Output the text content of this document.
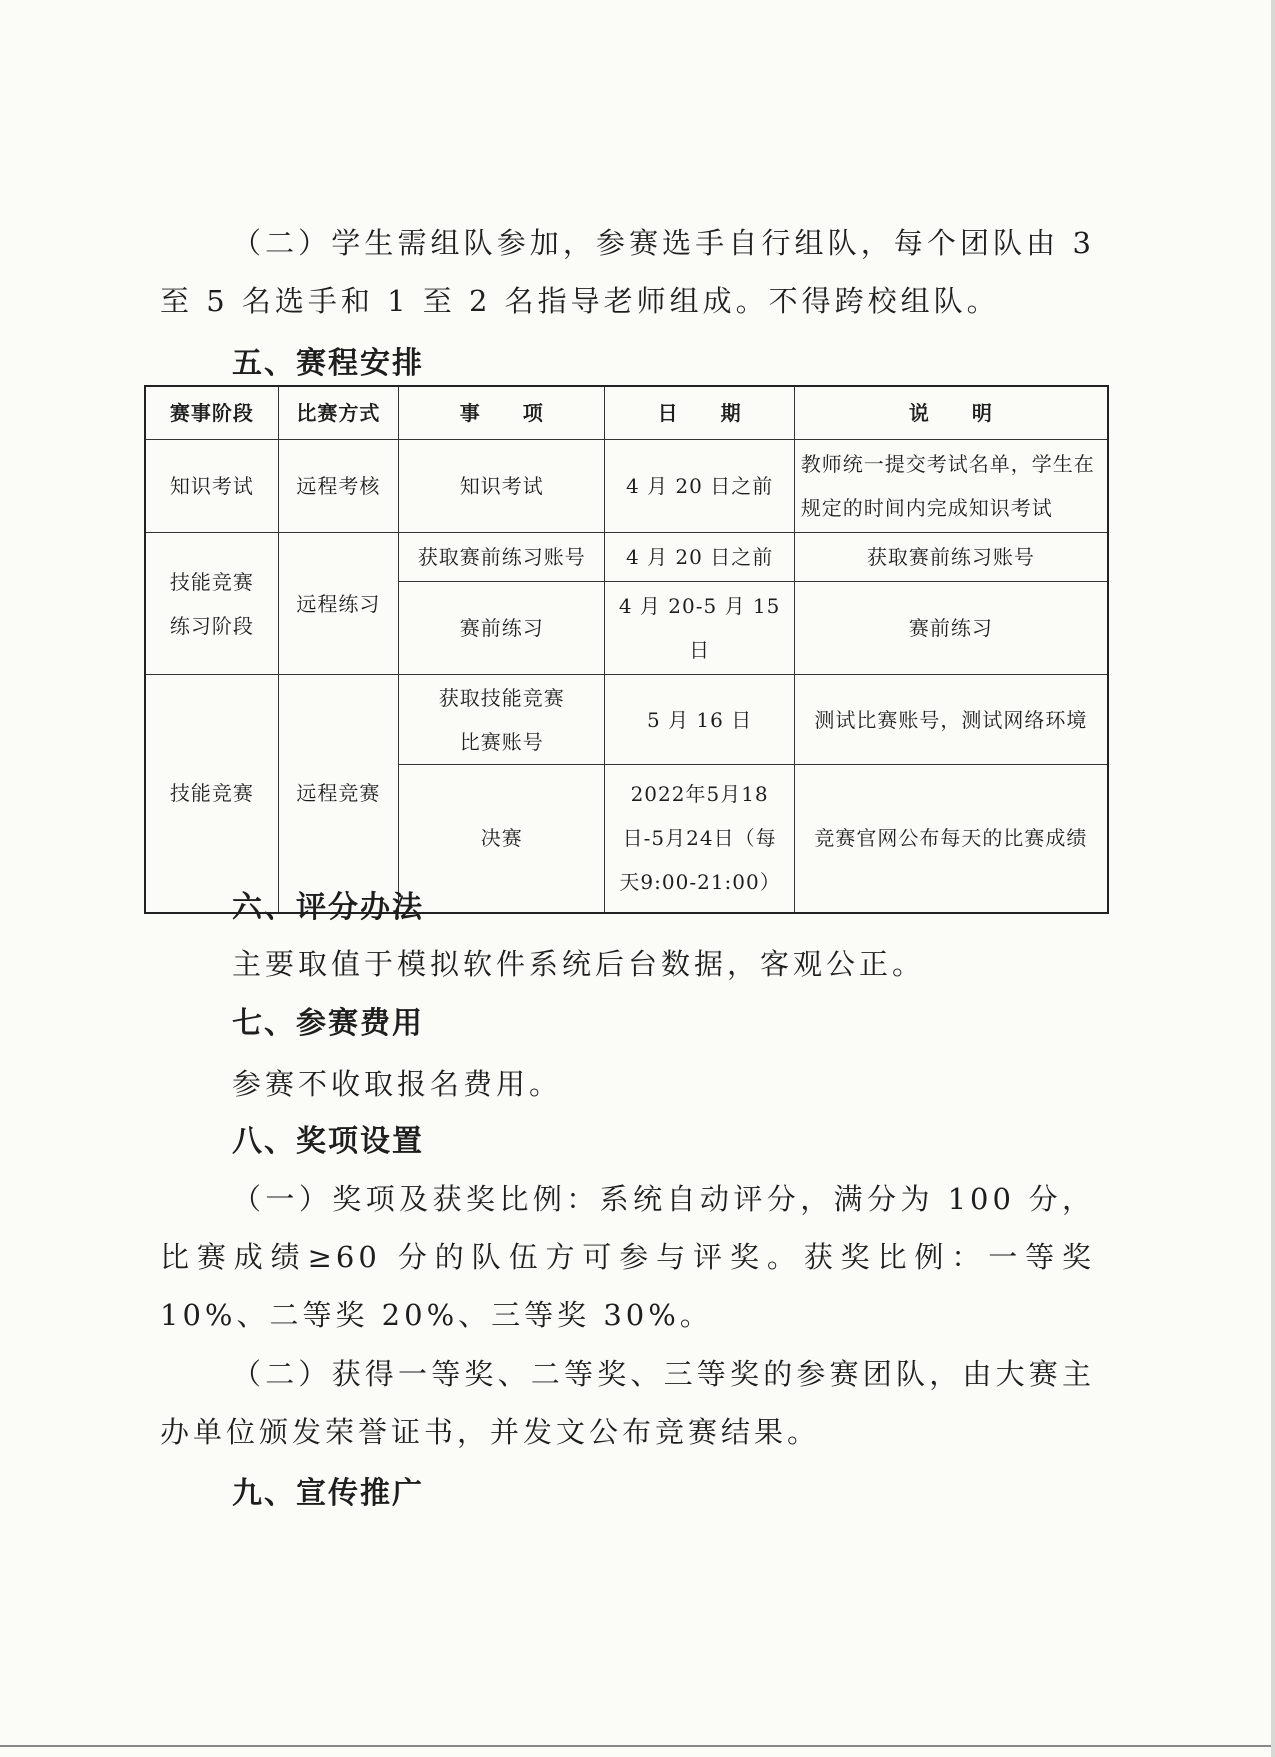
（二）学生需组队参加，参赛选手自行组队，每个团队由 3 至 5 名选手和 1 至 2 名指导老师组成。不得跨校组队。

五、赛程安排
赛事阶段	比赛方式	事　　项	日　　期	说　　明
知识考试	远程考核	知识考试	4 月 20 日之前	教师统一提交考试名单，学生在规定的时间内完成知识考试
技能竞赛练习阶段	远程练习	获取赛前练习账号	4 月 20 日之前	获取赛前练习账号
		赛前练习	4 月 20-5 月 15 日	赛前练习
技能竞赛	远程竞赛	获取技能竞赛比赛账号	5 月 16 日	测试比赛账号，测试网络环境
		决赛	2022年5月18日-5月24日（每天9:00-21:00）	竞赛官网公布每天的比赛成绩
六、评分办法

主要取值于模拟软件系统后台数据，客观公正。

七、参赛费用

参赛不收取报名费用。

八、奖项设置

（一）奖项及获奖比例：系统自动评分，满分为 100 分，比赛成绩≥60 分的队伍方可参与评奖。获奖比例：一等奖 10%、二等奖 20%、三等奖 30%。

（二）获得一等奖、二等奖、三等奖的参赛团队，由大赛主办单位颁发荣誉证书，并发文公布竞赛结果。

九、宣传推广
